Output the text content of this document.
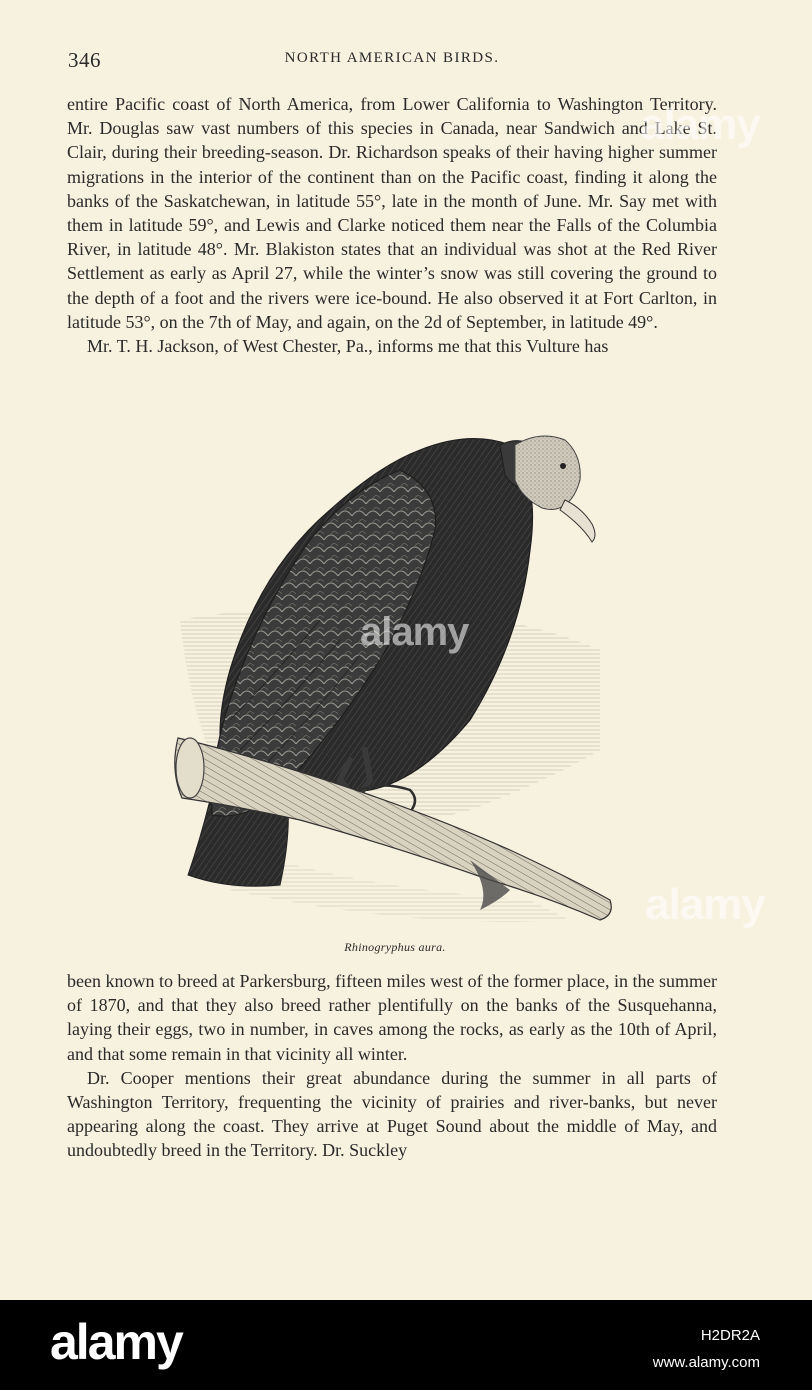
346	NORTH AMERICAN BIRDS.

entire Pacific coast of North America, from Lower California to Washington Territory. Mr. Douglas saw vast numbers of this species in Canada, near Sandwich and Lake St. Clair, during their breeding-season. Dr. Richardson speaks of their having higher summer migrations in the interior of the continent than on the Pacific coast, finding it along the banks of the Saskatchewan, in latitude 55°, late in the month of June. Mr. Say met with them in latitude 59°, and Lewis and Clarke noticed them near the Falls of the Columbia River, in latitude 48°. Mr. Blakiston states that an individual was shot at the Red River Settlement as early as April 27, while the winter’s snow was still covering the ground to the depth of a foot and the rivers were ice-bound. He also observed it at Fort Carlton, in latitude 53°, on the 7th of May, and again, on the 2d of September, in latitude 49°.

Mr. T. H. Jackson, of West Chester, Pa., informs me that this Vulture has

Rhinogryphus aura.

been known to breed at Parkersburg, fifteen miles west of the former place, in the summer of 1870, and that they also breed rather plentifully on the banks of the Susquehanna, laying their eggs, two in number, in caves among the rocks, as early as the 10th of April, and that some remain in that vicinity all winter.

Dr. Cooper mentions their great abundance during the summer in all parts of Washington Territory, frequenting the vicinity of prairies and river-banks, but never appearing along the coast. They arrive at Puget Sound about the middle of May, and undoubtedly breed in the Territory. Dr. Suckley

alamy
alamy
alamy
alamy	H2DR2A
www.alamy.com
